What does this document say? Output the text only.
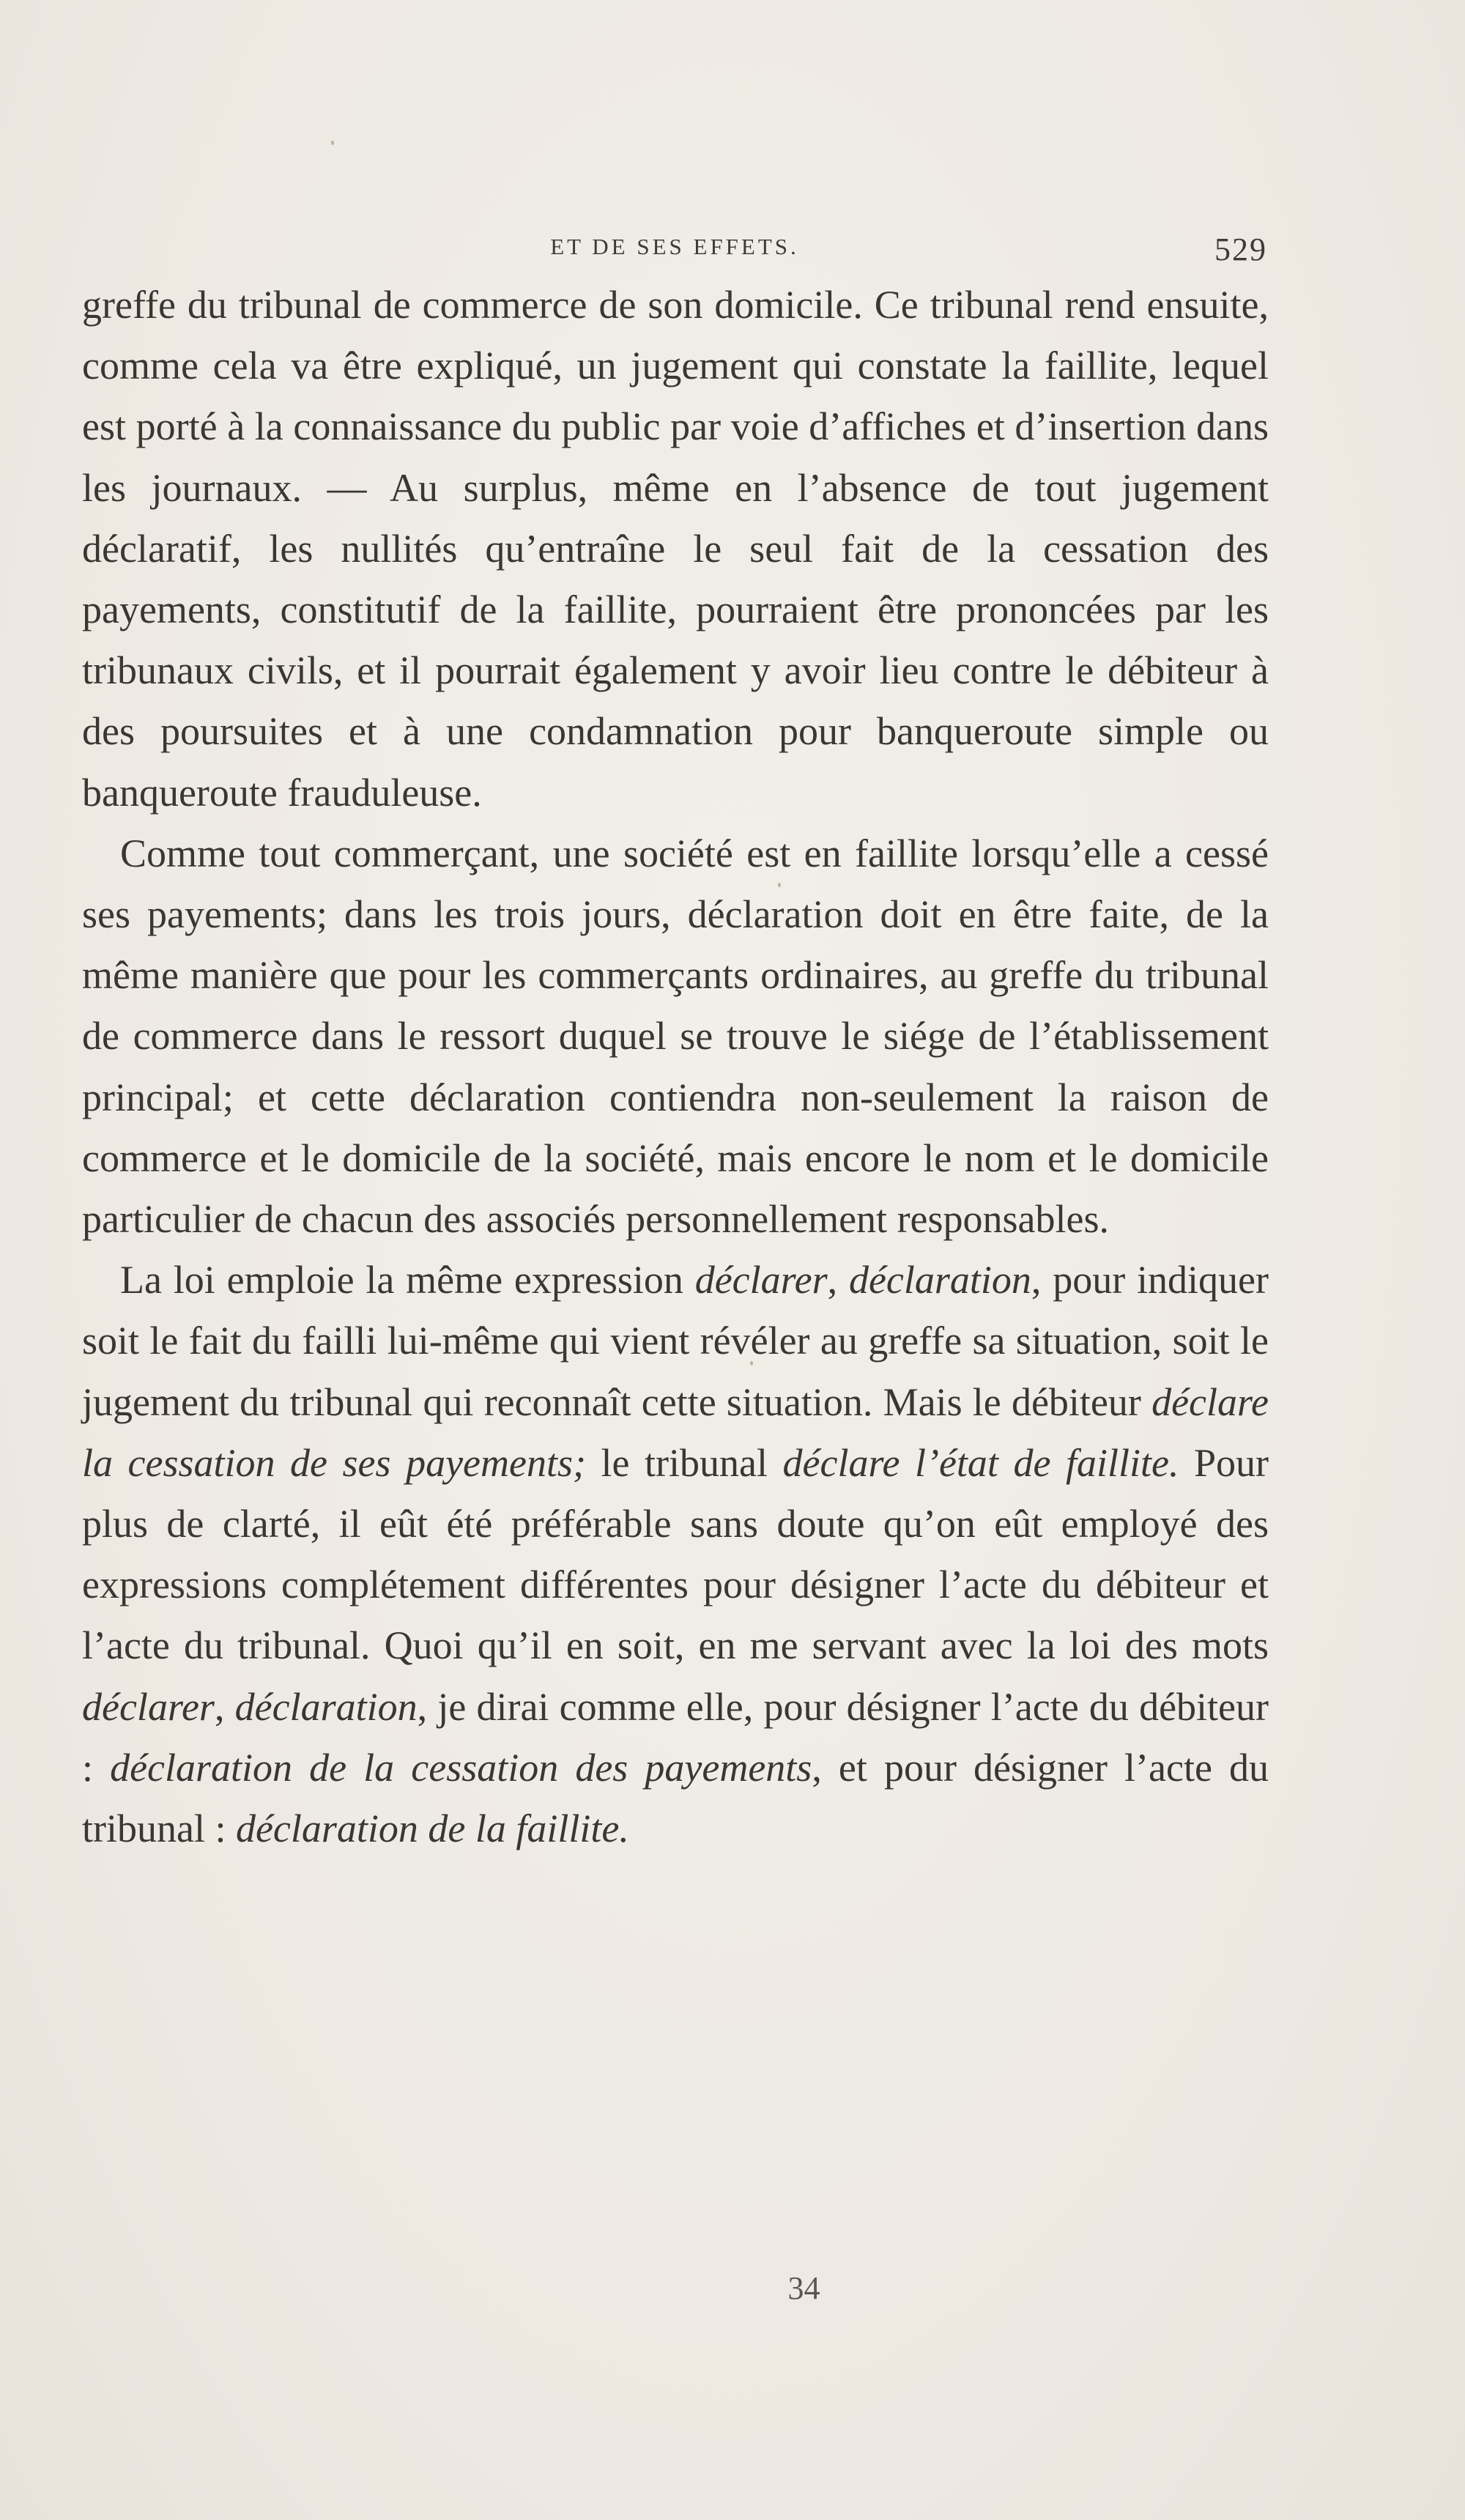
ET DE SES EFFETS.	529

greffe du tribunal de commerce de son domicile. Ce tribunal rend ensuite, comme cela va être expliqué, un jugement qui constate la faillite, lequel est porté à la connaissance du public par voie d’affiches et d’insertion dans les journaux. — Au surplus, même en l’absence de tout jugement déclaratif, les nullités qu’entraîne le seul fait de la cessation des payements, constitutif de la faillite, pourraient être prononcées par les tribunaux civils, et il pourrait également y avoir lieu contre le débiteur à des poursuites et à une condamnation pour banqueroute simple ou banqueroute frauduleuse.

Comme tout commerçant, une société est en faillite lorsqu’elle a cessé ses payements; dans les trois jours, déclaration doit en être faite, de la même manière que pour les commerçants ordinaires, au greffe du tribunal de commerce dans le ressort duquel se trouve le siége de l’établissement principal; et cette déclaration contiendra non-seulement la raison de commerce et le domicile de la société, mais encore le nom et le domicile particulier de chacun des associés personnellement responsables.

La loi emploie la même expression déclarer, déclaration, pour indiquer soit le fait du failli lui-même qui vient révéler au greffe sa situation, soit le jugement du tribunal qui reconnaît cette situation. Mais le débiteur déclare la cessation de ses payements; le tribunal déclare l’état de faillite. Pour plus de clarté, il eût été préférable sans doute qu’on eût employé des expressions complétement différentes pour désigner l’acte du débiteur et l’acte du tribunal. Quoi qu’il en soit, en me servant avec la loi des mots déclarer, déclaration, je dirai comme elle, pour désigner l’acte du débiteur : déclaration de la cessation des payements, et pour désigner l’acte du tribunal : déclaration de la faillite.

34
